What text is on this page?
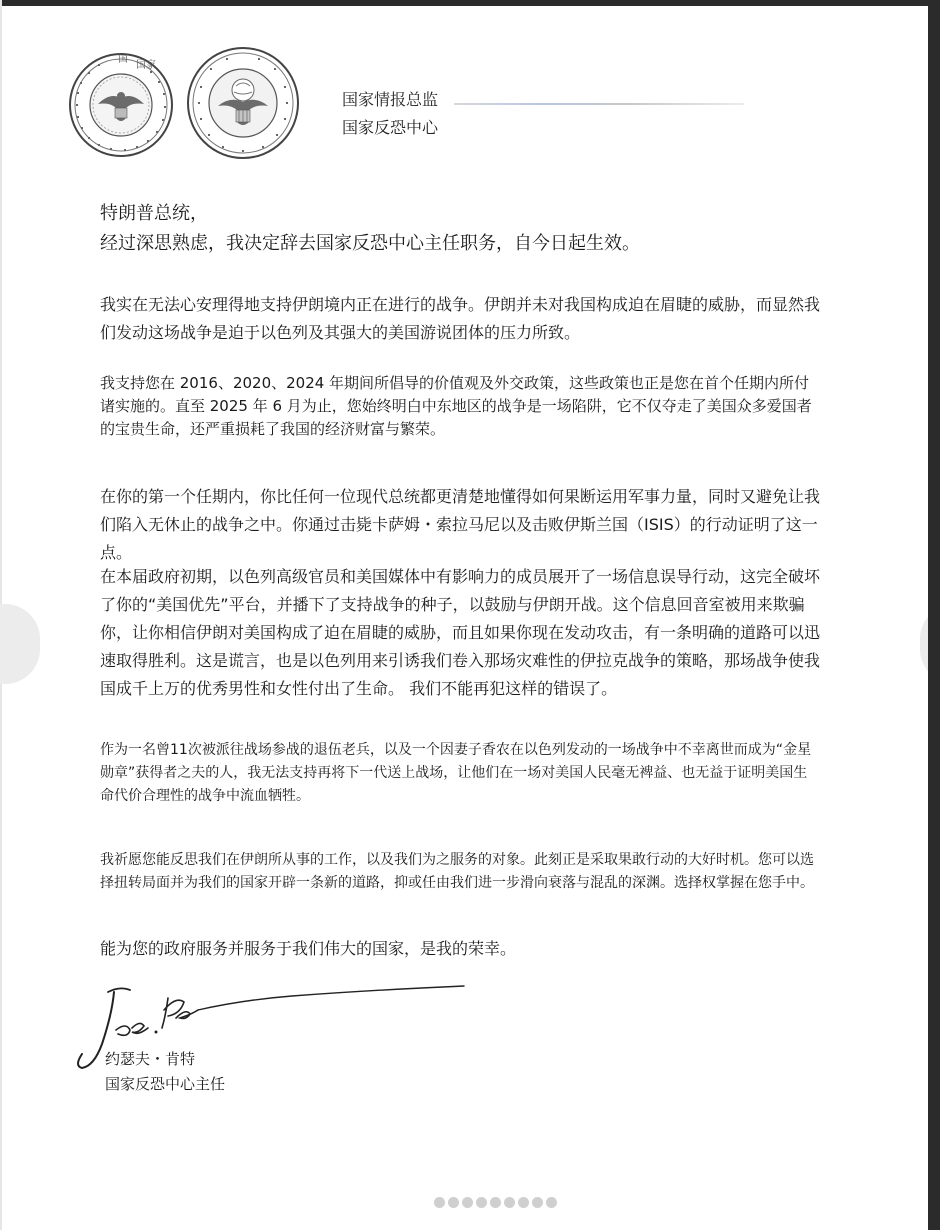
国
国家
国家情报总监
国家反恐中心
特朗普总统，
经过深思熟虑，我决定辞去国家反恐中心主任职务，自今日起生效。
我实在无法心安理得地支持伊朗境内正在进行的战争。伊朗并未对我国构成迫在眉睫的威胁，而显然我们发动这场战争是迫于以色列及其强大的美国游说团体的压力所致。
我支持您在 2016、2020、2024 年期间所倡导的价值观及外交政策，这些政策也正是您在首个任期内所付诸实施的。直至 2025 年 6 月为止，您始终明白中东地区的战争是一场陷阱，它不仅夺走了美国众多爱国者的宝贵生命，还严重损耗了我国的经济财富与繁荣。
在你的第一个任期内，你比任何一位现代总统都更清楚地懂得如何果断运用军事力量，同时又避免让我们陷入无休止的战争之中。你通过击毙卡萨姆・索拉马尼以及击败伊斯兰国（ISIS）的行动证明了这一点。
在本届政府初期，以色列高级官员和美国媒体中有影响力的成员展开了一场信息误导行动，这完全破坏了你的“美国优先”平台，并播下了支持战争的种子，以鼓励与伊朗开战。这个信息回音室被用来欺骗你，让你相信伊朗对美国构成了迫在眉睫的威胁，而且如果你现在发动攻击，有一条明确的道路可以迅速取得胜利。这是谎言，也是以色列用来引诱我们卷入那场灾难性的伊拉克战争的策略，那场战争使我国成千上万的优秀男性和女性付出了生命。 我们不能再犯这样的错误了。
作为一名曾11次被派往战场参战的退伍老兵，以及一个因妻子香农在以色列发动的一场战争中不幸离世而成为“金星勋章”获得者之夫的人，我无法支持再将下一代送上战场，让他们在一场对美国人民毫无裨益、也无益于证明美国生命代价合理性的战争中流血牺牲。
我祈愿您能反思我们在伊朗所从事的工作，以及我们为之服务的对象。此刻正是采取果敢行动的大好时机。您可以选择扭转局面并为我们的国家开辟一条新的道路，抑或任由我们进一步滑向衰落与混乱的深渊。选择权掌握在您手中。
能为您的政府服务并服务于我们伟大的国家，是我的荣幸。
约瑟夫・肯特
国家反恐中心主任
